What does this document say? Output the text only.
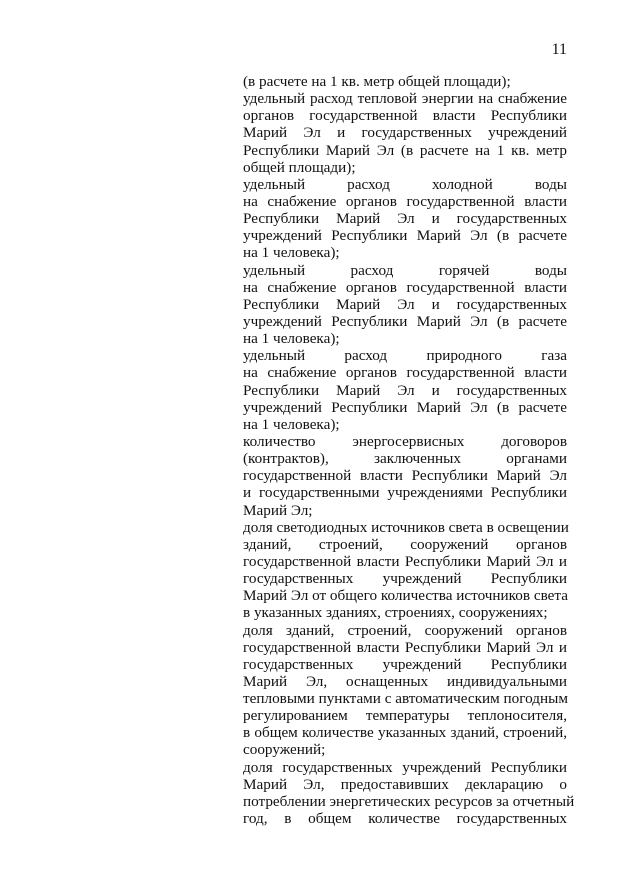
11
(в расчете на 1 кв. метр общей площади);
удельный расход тепловой энергии на снабжение
органов государственной власти Республики
Марий Эл и государственных учреждений
Республики Марий Эл (в расчете на 1 кв. метр
общей площади);
удельный расход холодной воды
на снабжение органов государственной власти
Республики Марий Эл и государственных
учреждений Республики Марий Эл (в расчете
на 1 человека);
удельный расход горячей воды
на снабжение органов государственной власти
Республики Марий Эл и государственных
учреждений Республики Марий Эл (в расчете
на 1 человека);
удельный расход природного газа
на снабжение органов государственной власти
Республики Марий Эл и государственных
учреждений Республики Марий Эл (в расчете
на 1 человека);
количество энергосервисных договоров
(контрактов), заключенных органами
государственной власти Республики Марий Эл
и государственными учреждениями Республики
Марий Эл;
доля светодиодных источников света в освещении
зданий, строений, сооружений органов
государственной власти Республики Марий Эл и
государственных учреждений Республики
Марий Эл от общего количества источников света
в указанных зданиях, строениях, сооружениях;
доля зданий, строений, сооружений органов
государственной власти Республики Марий Эл и
государственных учреждений Республики
Марий Эл, оснащенных индивидуальными
тепловыми пунктами с автоматическим погодным
регулированием температуры теплоносителя,
в общем количестве указанных зданий, строений,
сооружений;
доля государственных учреждений Республики
Марий Эл, предоставивших декларацию о
потреблении энергетических ресурсов за отчетный
год, в общем количестве государственных
